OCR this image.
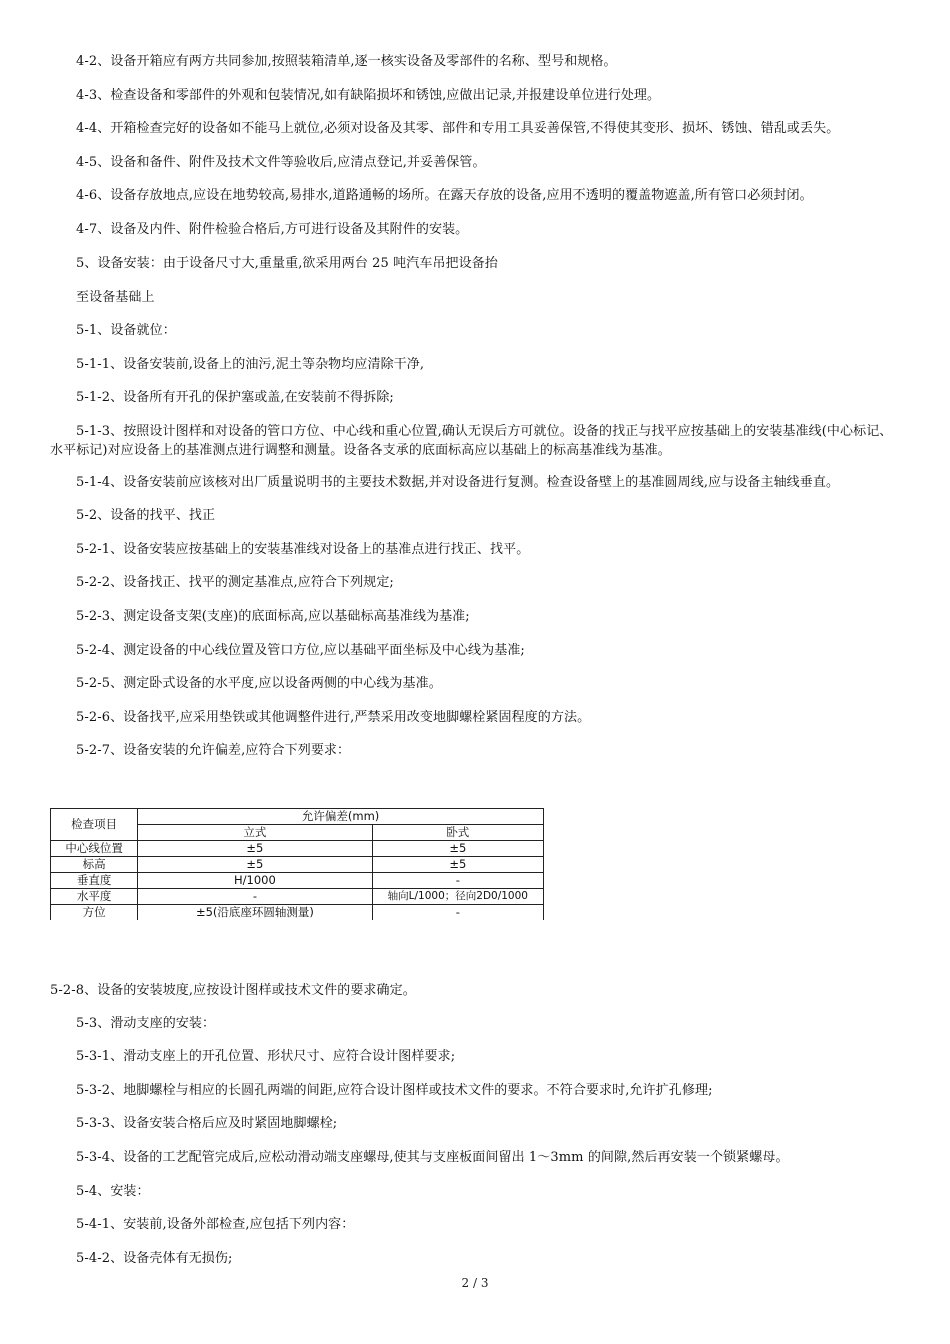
4-2、设备开箱应有两方共同参加,按照装箱清单,逐一核实设备及零部件的名称、型号和规格。

4-3、检查设备和零部件的外观和包装情况,如有缺陷损坏和锈蚀,应做出记录,并报建设单位进行处理。

4-4、开箱检查完好的设备如不能马上就位,必须对设备及其零、部件和专用工具妥善保管,不得使其变形、损坏、锈蚀、错乱或丢失。

4-5、设备和备件、附件及技术文件等验收后,应清点登记,并妥善保管。

4-6、设备存放地点,应设在地势较高,易排水,道路通畅的场所。在露天存放的设备,应用不透明的覆盖物遮盖,所有管口必须封闭。

4-7、设备及内件、附件检验合格后,方可进行设备及其附件的安装。

5、设备安装：由于设备尺寸大,重量重,欲采用两台 25 吨汽车吊把设备抬

至设备基础上

5-1、设备就位：

5-1-1、设备安装前,设备上的油污,泥土等杂物均应清除干净,

5-1-2、设备所有开孔的保护塞或盖,在安装前不得拆除;

5-1-3、按照设计图样和对设备的管口方位、中心线和重心位置,确认无误后方可就位。设备的找正与找平应按基础上的安装基准线(中心标记、水平标记)对应设备上的基准测点进行调整和测量。设备各支承的底面标高应以基础上的标高基准线为基准。

5-1-4、设备安装前应该核对出厂质量说明书的主要技术数据,并对设备进行复测。检查设备壁上的基准圆周线,应与设备主轴线垂直。

5-2、设备的找平、找正

5-2-1、设备安装应按基础上的安装基准线对设备上的基准点进行找正、找平。

5-2-2、设备找正、找平的测定基准点,应符合下列规定;

5-2-3、测定设备支架(支座)的底面标高,应以基础标高基准线为基准;

5-2-4、测定设备的中心线位置及管口方位,应以基础平面坐标及中心线为基准;

5-2-5、测定卧式设备的水平度,应以设备两侧的中心线为基准。

5-2-6、设备找平,应采用垫铁或其他调整件进行,严禁采用改变地脚螺栓紧固程度的方法。

5-2-7、设备安装的允许偏差,应符合下列要求：

检查项目	允许偏差(mm)	
	立式	卧式
中心线位置	±5	±5
标高	±5	±5
垂直度	H/1000	-
水平度	-	轴向L/1000；径向2D0/1000
方位	±5(沿底座环圆轴测量)	-

5-2-8、设备的安装坡度,应按设计图样或技术文件的要求确定。

5-3、滑动支座的安装：

5-3-1、滑动支座上的开孔位置、形状尺寸、应符合设计图样要求;

5-3-2、地脚螺栓与相应的长圆孔两端的间距,应符合设计图样或技术文件的要求。不符合要求时,允许扩孔修理;

5-3-3、设备安装合格后应及时紧固地脚螺栓;

5-3-4、设备的工艺配管完成后,应松动滑动端支座螺母,使其与支座板面间留出 1～3mm 的间隙,然后再安装一个锁紧螺母。

5-4、安装：

5-4-1、安装前,设备外部检查,应包括下列内容：

5-4-2、设备壳体有无损伤;

2 / 3
